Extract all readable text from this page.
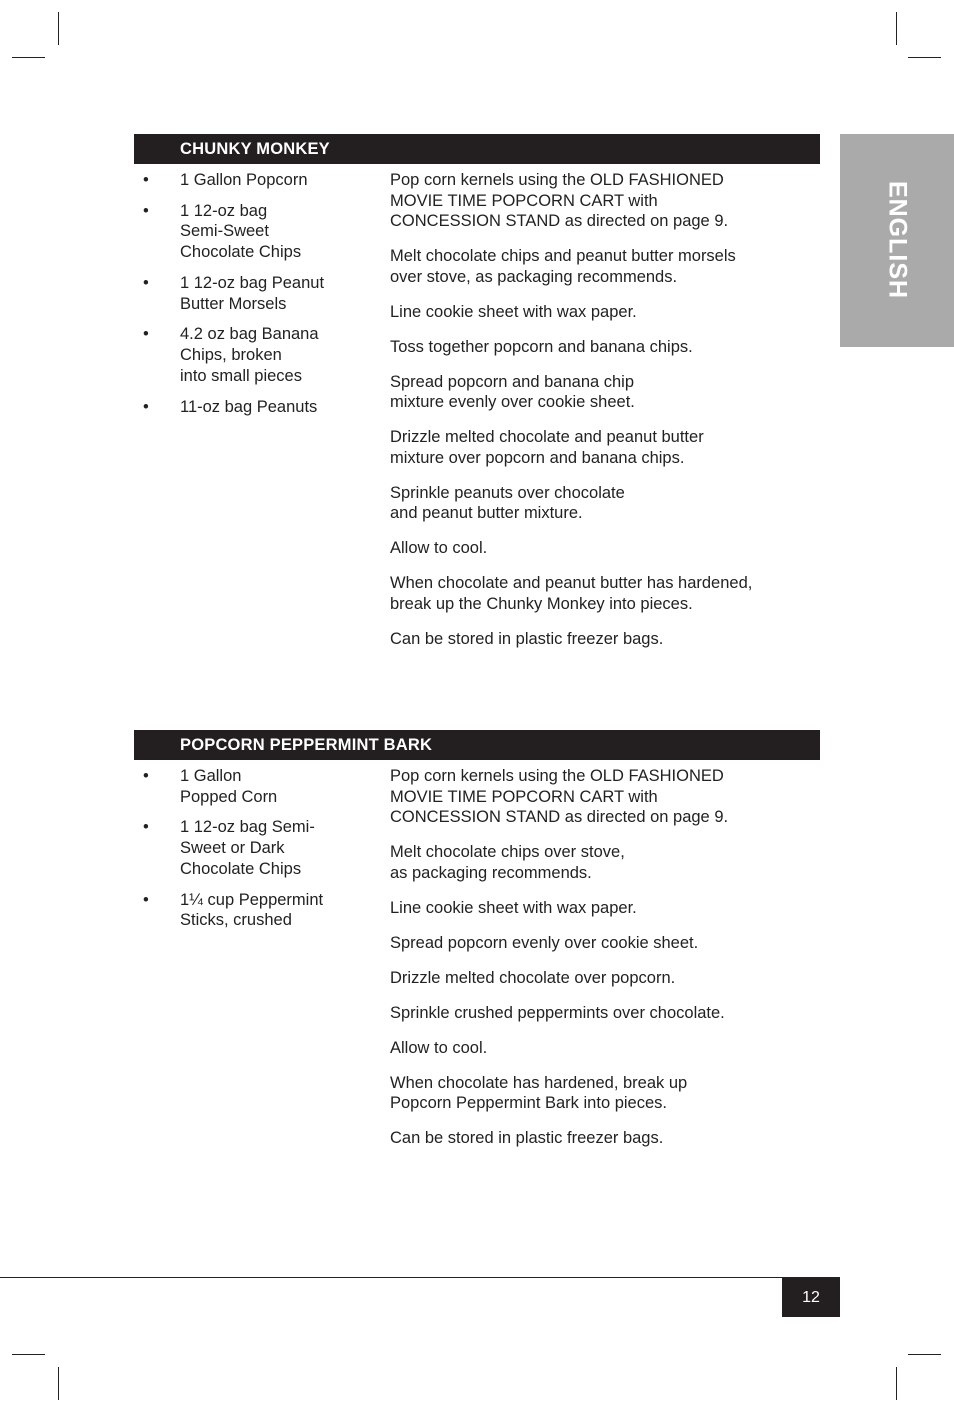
ENGLISH
CHUNKY MONKEY
• 1 Gallon Popcorn
• 1 12-oz bag
Semi-Sweet
Chocolate Chips
• 1 12-oz bag Peanut
Butter Morsels
• 4.2 oz bag Banana
Chips, broken
into small pieces
• 11-oz bag Peanuts

Pop corn kernels using the OLD FASHIONED
MOVIE TIME POPCORN CART with
CONCESSION STAND as directed on page 9.

Melt chocolate chips and peanut butter morsels
over stove, as packaging recommends.

Line cookie sheet with wax paper.

Toss together popcorn and banana chips.

Spread popcorn and banana chip
mixture evenly over cookie sheet.

Drizzle melted chocolate and peanut butter
mixture over popcorn and banana chips.

Sprinkle peanuts over chocolate
and peanut butter mixture.

Allow to cool.

When chocolate and peanut butter has hardened,
break up the Chunky Monkey into pieces.

Can be stored in plastic freezer bags.

POPCORN PEPPERMINT BARK
• 1 Gallon
Popped Corn
• 1 12-oz bag Semi-
Sweet or Dark
Chocolate Chips
• 1¼ cup Peppermint
Sticks, crushed

Pop corn kernels using the OLD FASHIONED
MOVIE TIME POPCORN CART with
CONCESSION STAND as directed on page 9.

Melt chocolate chips over stove,
as packaging recommends.

Line cookie sheet with wax paper.

Spread popcorn evenly over cookie sheet.

Drizzle melted chocolate over popcorn.

Sprinkle crushed peppermints over chocolate.

Allow to cool.

When chocolate has hardened, break up
Popcorn Peppermint Bark into pieces.

Can be stored in plastic freezer bags.

12
